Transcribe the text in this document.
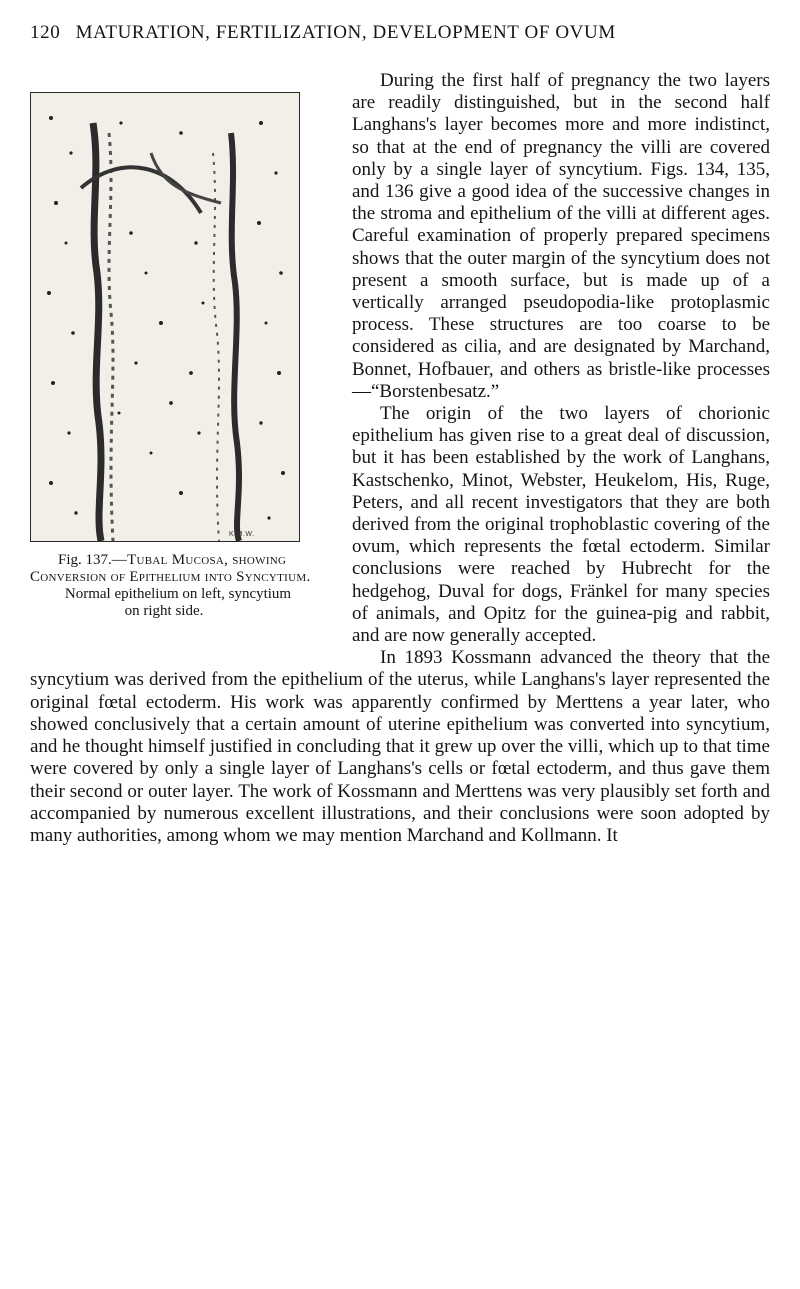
120 MATURATION, FERTILIZATION, DEVELOPMENT OF OVUM

K.M.W.
Fig. 137.—Tubal Mucosa, showing Conversion of Epithelium into Syncytium.
Normal epithelium on left, syncytium on right side.
During the first half of pregnancy the two layers are readily distinguished, but in the second half Langhans's layer becomes more and more indistinct, so that at the end of pregnancy the villi are covered only by a single layer of syncytium. Figs. 134, 135, and 136 give a good idea of the successive changes in the stroma and epithelium of the villi at different ages. Careful examination of properly prepared specimens shows that the outer margin of the syncytium does not present a smooth surface, but is made up of a vertically arranged pseudopodia-like protoplasmic process. These structures are too coarse to be considered as cilia, and are designated by Marchand, Bonnet, Hofbauer, and others as bristle-like processes—“Borstenbesatz.”

The origin of the two layers of chorionic epithelium has given rise to a great deal of discussion, but it has been established by the work of Langhans, Kastschenko, Minot, Webster, Heukelom, His, Ruge, Peters, and all recent investigators that they are both derived from the original trophoblastic covering of the ovum, which represents the fœtal ectoderm. Similar conclusions were reached by Hubrecht for the hedgehog, Duval for dogs, Fränkel for many species of animals, and Opitz for the guinea-pig and rabbit, and are now generally accepted.

In 1893 Kossmann advanced the theory that the syncytium was derived from the epithelium of the uterus, while Langhans's layer represented the original fœtal ectoderm. His work was apparently confirmed by Merttens a year later, who showed conclusively that a certain amount of uterine epithelium was converted into syncytium, and he thought himself justified in concluding that it grew up over the villi, which up to that time were covered by only a single layer of Langhans's cells or fœtal ectoderm, and thus gave them their second or outer layer. The work of Kossmann and Merttens was very plausibly set forth and accompanied by numerous excellent illustrations, and their conclusions were soon adopted by many authorities, among whom we may mention Marchand and Kollmann. It
